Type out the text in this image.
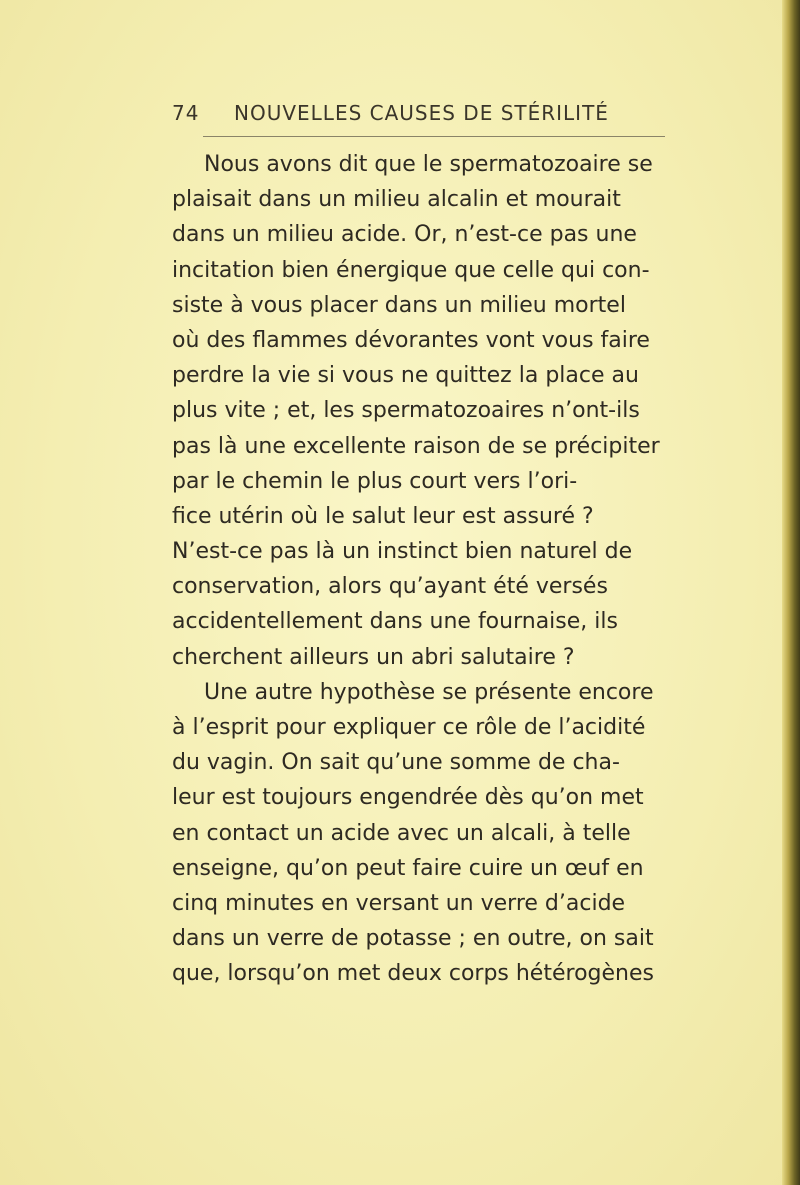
74 NOUVELLES CAUSES DE STÉRILITÉ
Nous avons dit que le spermatozoaire se
plaisait dans un milieu alcalin et mourait
dans un milieu acide. Or, n’est-ce pas une
incitation bien énergique que celle qui con-
siste à vous placer dans un milieu mortel
où des flammes dévorantes vont vous faire
perdre la vie si vous ne quittez la place au
plus vite ; et, les spermatozoaires n’ont-ils
pas là une excellente raison de se précipiter
par le chemin le plus court vers l’ori-
fice utérin où le salut leur est assuré ?
N’est-ce pas là un instinct bien naturel de
conservation, alors qu’ayant été versés
accidentellement dans une fournaise, ils
cherchent ailleurs un abri salutaire ?
Une autre hypothèse se présente encore
à l’esprit pour expliquer ce rôle de l’acidité
du vagin. On sait qu’une somme de cha-
leur est toujours engendrée dès qu’on met
en contact un acide avec un alcali, à telle
enseigne, qu’on peut faire cuire un œuf en
cinq minutes en versant un verre d’acide
dans un verre de potasse ; en outre, on sait
que, lorsqu’on met deux corps hétérogènes
